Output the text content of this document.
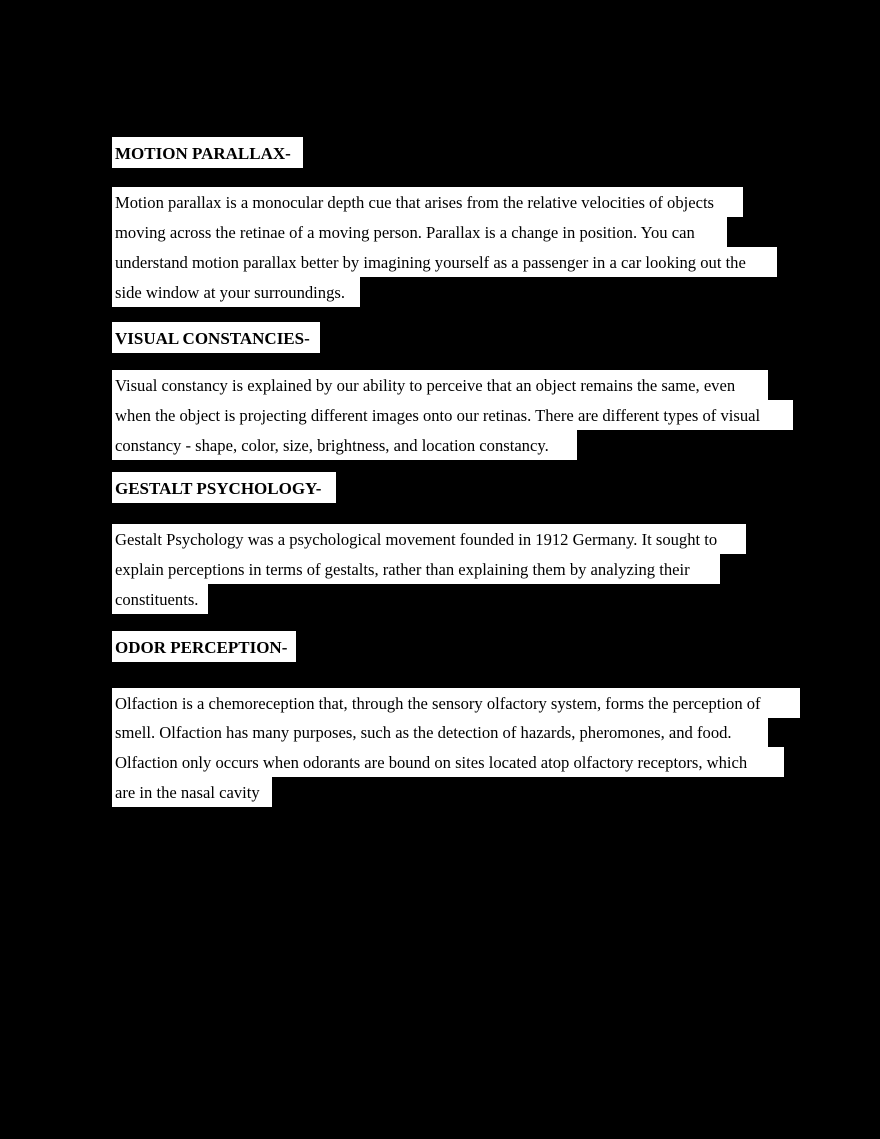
MOTION PARALLAX-
Motion parallax is a monocular depth cue that arises from the relative velocities of objects
moving across the retinae of a moving person. Parallax is a change in position. You can
understand motion parallax better by imagining yourself as a passenger in a car looking out the
side window at your surroundings.
VISUAL CONSTANCIES-
Visual constancy is explained by our ability to perceive that an object remains the same, even
when the object is projecting different images onto our retinas. There are different types of visual
constancy - shape, color, size, brightness, and location constancy.
GESTALT PSYCHOLOGY-
Gestalt Psychology was a psychological movement founded in 1912 Germany. It sought to
explain perceptions in terms of gestalts, rather than explaining them by analyzing their
constituents.
ODOR PERCEPTION-
Olfaction is a chemoreception that, through the sensory olfactory system, forms the perception of
smell. Olfaction has many purposes, such as the detection of hazards, pheromones, and food.
Olfaction only occurs when odorants are bound on sites located atop olfactory receptors, which
are in the nasal cavity
